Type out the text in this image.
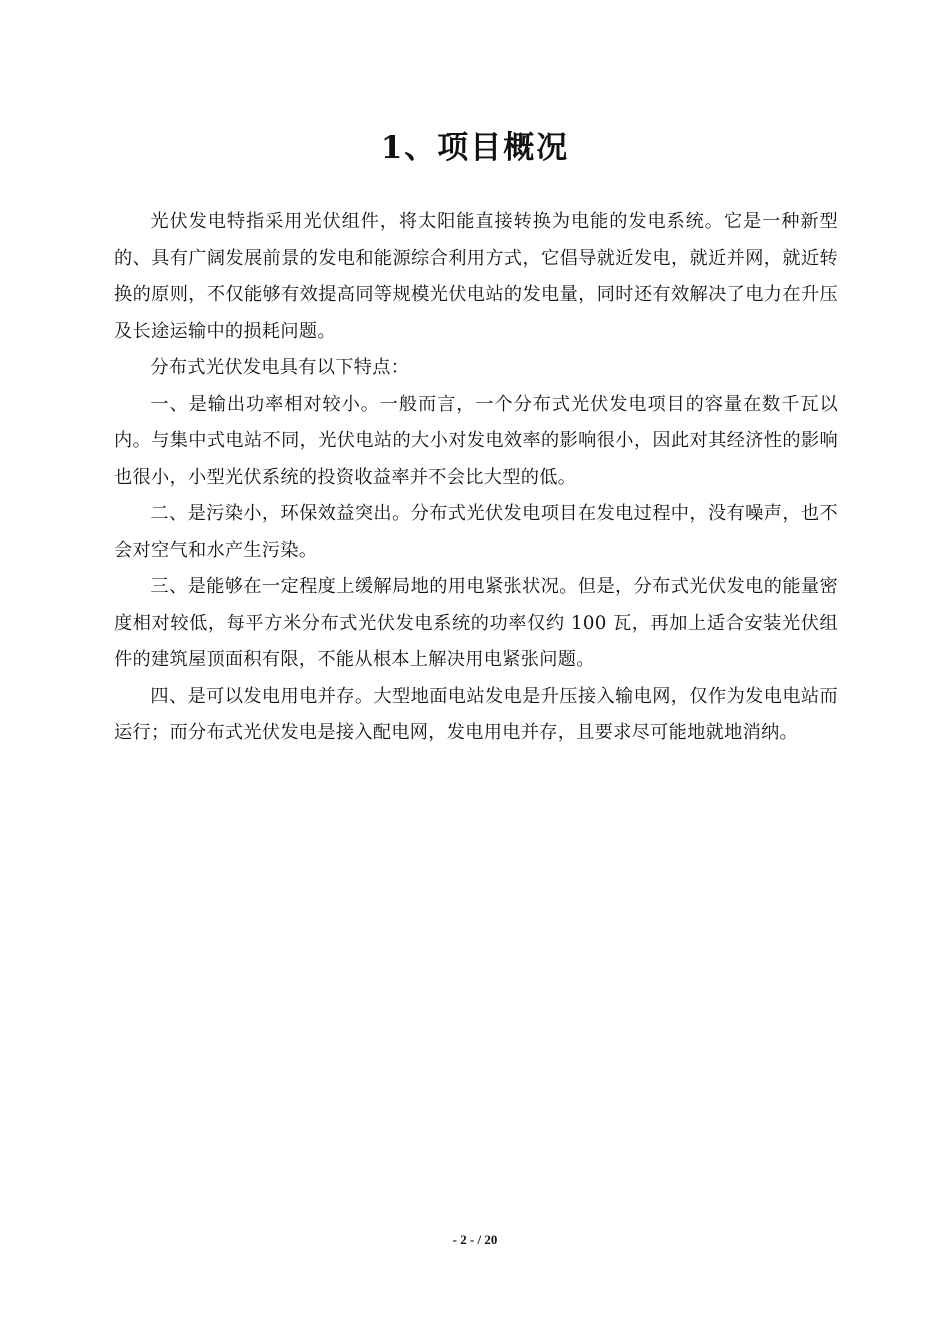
1、项目概况

光伏发电特指采用光伏组件，将太阳能直接转换为电能的发电系统。它是一种新型的、具有广阔发展前景的发电和能源综合利用方式，它倡导就近发电，就近并网，就近转换的原则，不仅能够有效提高同等规模光伏电站的发电量，同时还有效解决了电力在升压及长途运输中的损耗问题。

分布式光伏发电具有以下特点：

一、是输出功率相对较小。一般而言，一个分布式光伏发电项目的容量在数千瓦以内。与集中式电站不同，光伏电站的大小对发电效率的影响很小，因此对其经济性的影响也很小，小型光伏系统的投资收益率并不会比大型的低。

二、是污染小，环保效益突出。分布式光伏发电项目在发电过程中，没有噪声，也不会对空气和水产生污染。

三、是能够在一定程度上缓解局地的用电紧张状况。但是，分布式光伏发电的能量密度相对较低，每平方米分布式光伏发电系统的功率仅约 100 瓦，再加上适合安装光伏组件的建筑屋顶面积有限，不能从根本上解决用电紧张问题。

四、是可以发电用电并存。大型地面电站发电是升压接入输电网，仅作为发电电站而运行；而分布式光伏发电是接入配电网，发电用电并存，且要求尽可能地就地消纳。

- 2 - / 20
